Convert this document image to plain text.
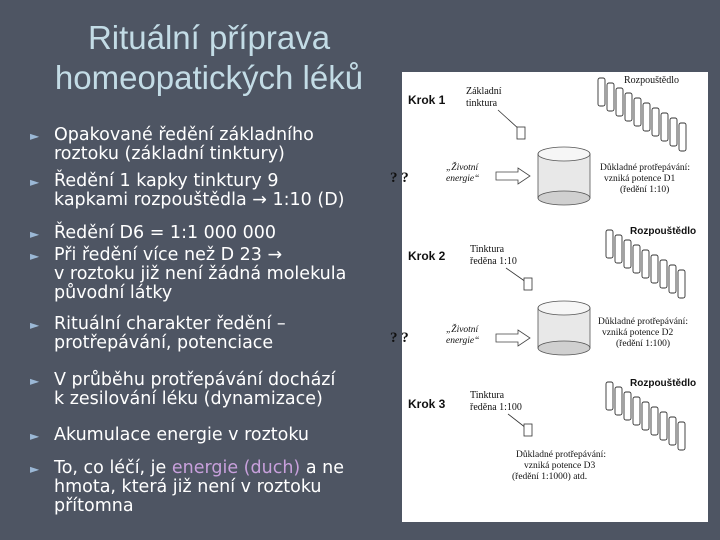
Rituální příprava
homeopatických léků
► Opakované ředění základního
roztoku (základní tinktury)
► Ředění 1 kapky tinktury 9
kapkami rozpouštědla → 1:10 (D)
► Ředění D6 = 1:1 000 000
► Při ředění více než D 23 →
v roztoku již není žádná molekula
původní látky
► Rituální charakter ředění –
protřepávání, potenciace
► V průběhu protřepávání dochází
k zesilování léku (dynamizace)
► Akumulace energie v roztoku
► To, co léčí, je energie (duch) a ne
hmota, která již není v roztoku
přítomna
Krok 1
Krok 2
Krok 3
Rozpouštědlo
Rozpouštědlo
Rozpouštědlo
Základní
tinktura
? ?
„Životní
energie“
Důkladné protřepávání:
vzniká potence D1
(ředění 1:10)
Tinktura
ředěna 1:10
? ?	„Životní
energie“
Důkladné protřepávání:
vzniká potence D2
(ředění 1:100)
Tinktura
ředěna 1:100
Důkladné protřepávání:
vzniká potence D3
(ředění 1:1000) atd.
